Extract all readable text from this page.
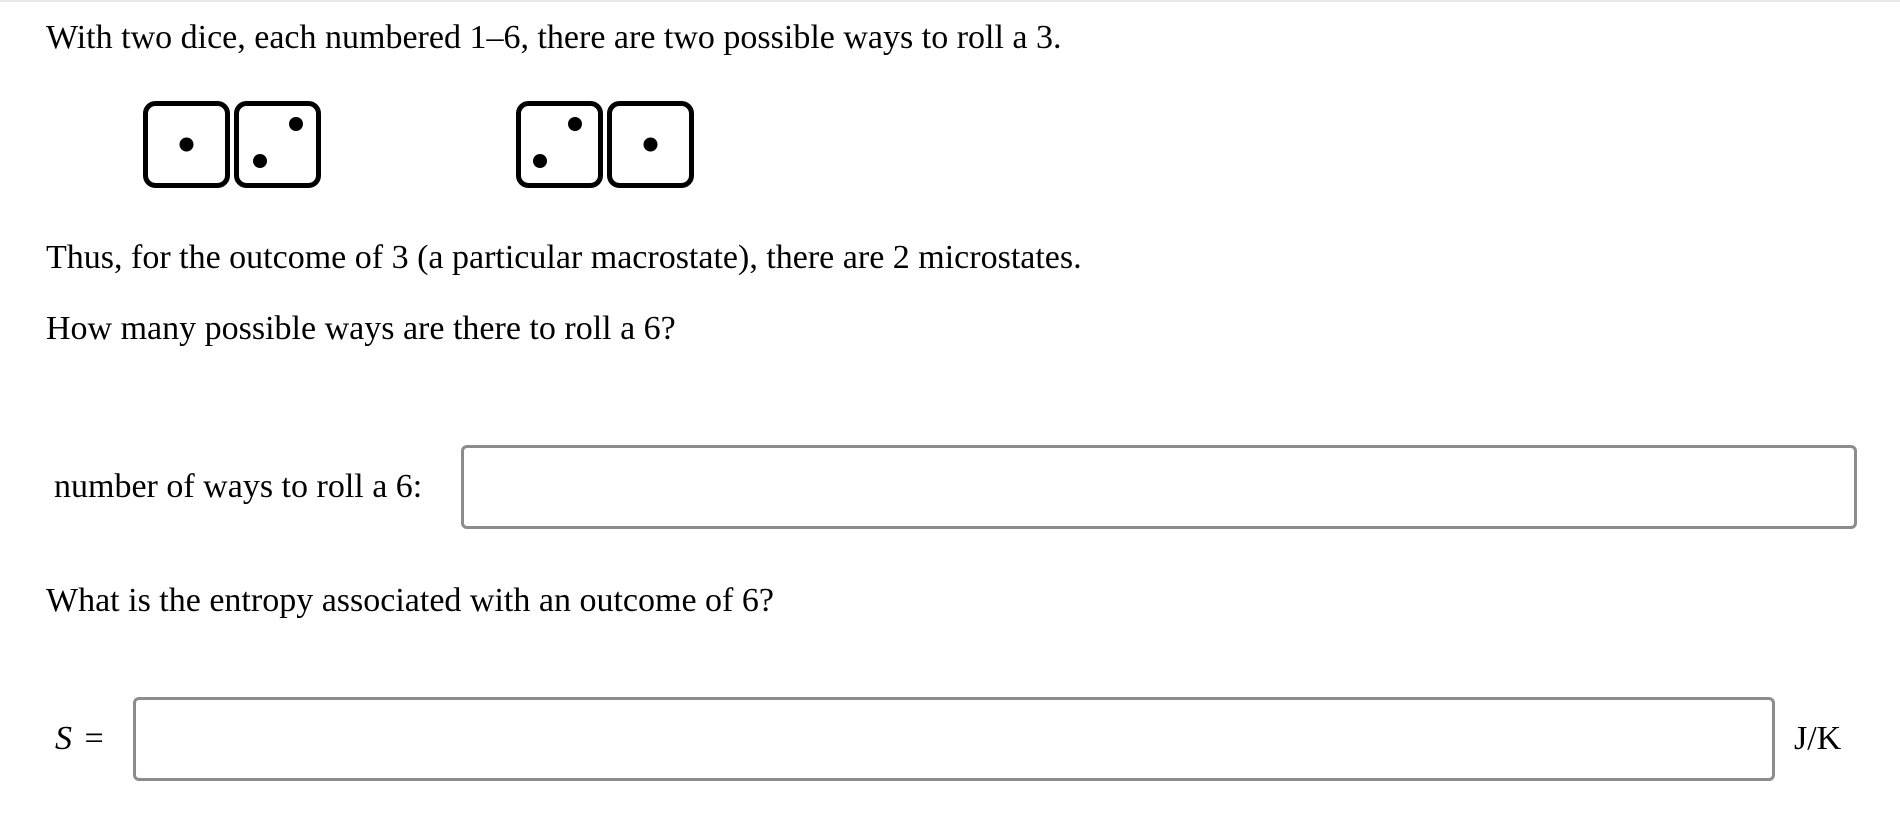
With two dice, each numbered 1–6, there are two possible ways to roll a 3.
Thus, for the outcome of 3 (a particular macrostate), there are 2 microstates.
How many possible ways are there to roll a 6?
number of ways to roll a 6:
What is the entropy associated with an outcome of 6?
S =	J/K
